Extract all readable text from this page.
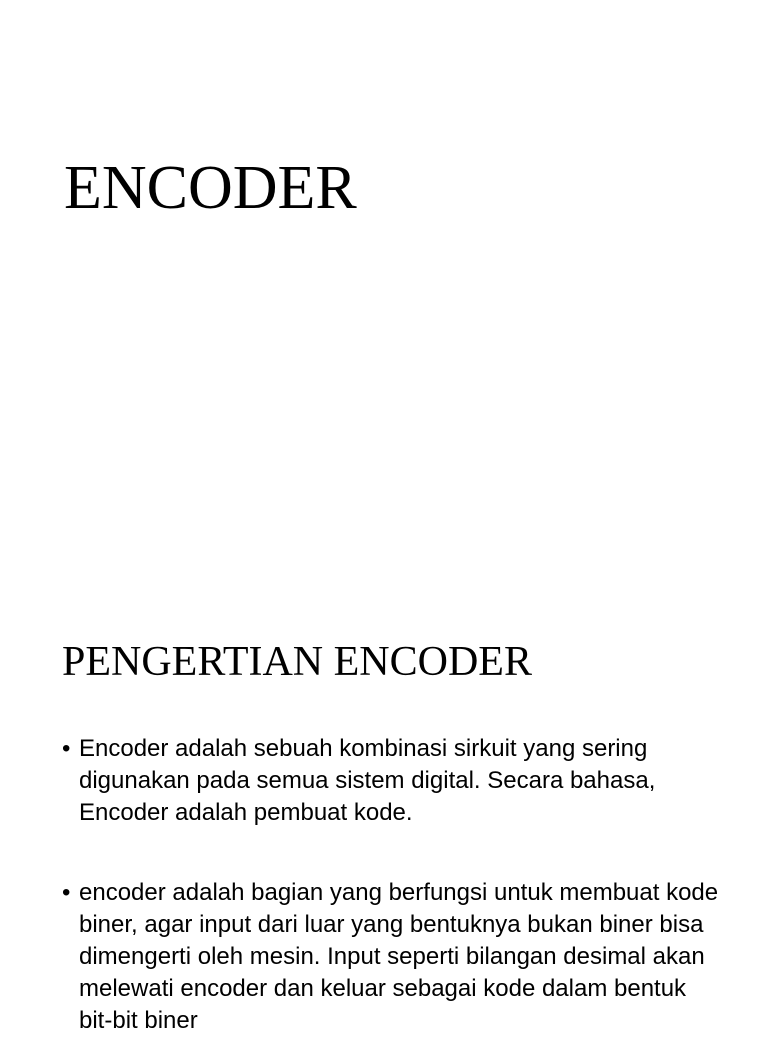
ENCODER
PENGERTIAN ENCODER
• Encoder adalah sebuah kombinasi sirkuit yang sering digunakan pada semua sistem digital. Secara bahasa, Encoder adalah pembuat kode.
• encoder adalah bagian yang berfungsi untuk membuat kode biner, agar input dari luar yang bentuknya bukan biner bisa dimengerti oleh mesin. Input seperti bilangan desimal akan melewati encoder dan keluar sebagai kode dalam bentuk bit-bit biner
